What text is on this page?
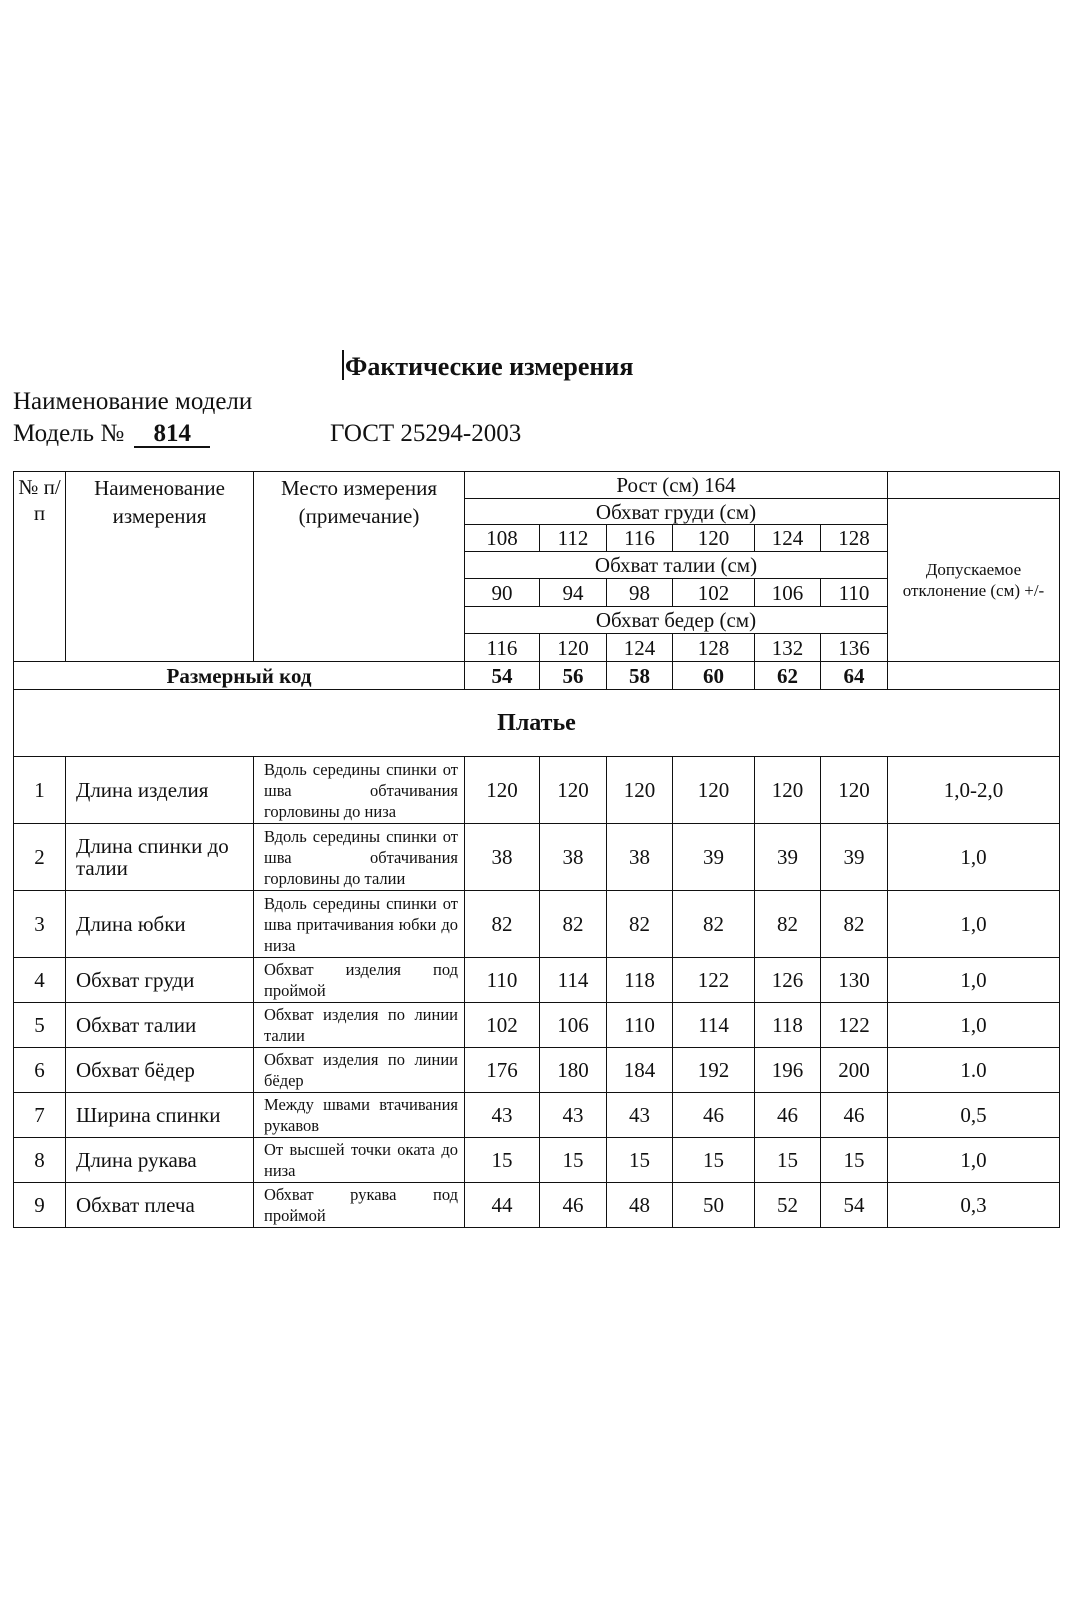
Фактические измерения
Наименование модели
Модель № 814	ГОСТ 25294-2003
№ п/ п	Наименование измерения	Место измерения (примечание)	Рост (см) 164						
			Обхват груди (см)						Допускаемое отклонение (см) +/-
			108	112	116	120	124	128	
			Обхват талии (см)						
			90	94	98	102	106	110	
			Обхват бедер (см)						
			116	120	124	128	132	136	
Размерный код			54	56	58	60	62	64	
Платье									
1	Длина изделия	Вдоль середины спинки от шва обтачивания горловины до низа	120	120	120	120	120	120	1,0-2,0
2	Длина спинки до талии	Вдоль середины спинки от шва обтачивания горловины до талии	38	38	38	39	39	39	1,0
3	Длина юбки	Вдоль середины спинки от шва притачивания юбки до низа	82	82	82	82	82	82	1,0
4	Обхват груди	Обхват изделия под проймой	110	114	118	122	126	130	1,0
5	Обхват талии	Обхват изделия по линии талии	102	106	110	114	118	122	1,0
6	Обхват бёдер	Обхват изделия по линии бёдер	176	180	184	192	196	200	1.0
7	Ширина спинки	Между швами втачивания рукавов	43	43	43	46	46	46	0,5
8	Длина рукава	От высшей точки оката до низа	15	15	15	15	15	15	1,0
9	Обхват плеча	Обхват рукава под проймой	44	46	48	50	52	54	0,3
